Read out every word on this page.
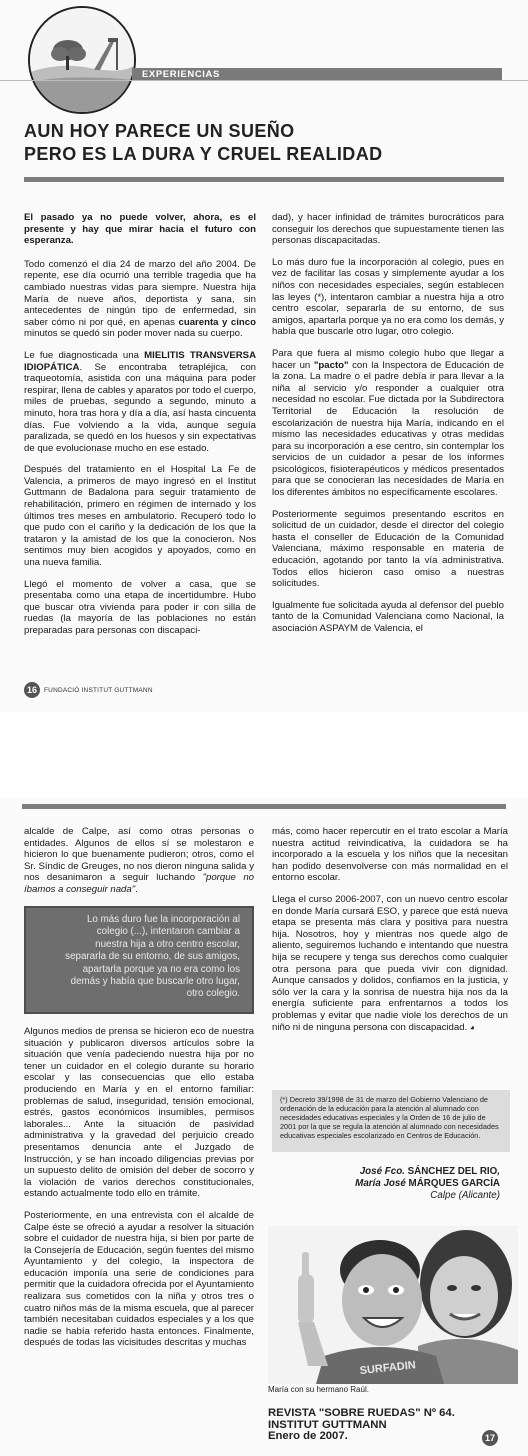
EXPERIENCIAS
AUN HOY PARECE UN SUEÑO
PERO ES LA DURA Y CRUEL REALIDAD

El pasado ya no puede volver, ahora, es el presente y hay que mirar hacia el futuro con esperanza.

Todo comenzó el día 24 de marzo del año 2004. De repente, ese día ocurrió una terrible tragedia que ha cambiado nuestras vidas para siempre. Nuestra hija María de nueve años, deportista y sana, sin antecedentes de ningún tipo de enfermedad, sin saber cómo ni por qué, en apenas cuarenta y cinco minutos se quedó sin poder mover nada su cuerpo.

Le fue diagnosticada una MIELITIS TRANSVERSA IDIOPÁTICA. Se encontraba tetrapléjica, con traqueotomía, asistida con una máquina para poder respirar, llena de cables y aparatos por todo el cuerpo, miles de pruebas, segundo a segundo, minuto a minuto, hora tras hora y día a día, así hasta cincuenta días. Fue volviendo a la vida, aunque seguía paralizada, se quedó en los huesos y sin expectativas de que evolucionase mucho en ese estado.

Después del tratamiento en el Hospital La Fe de Valencia, a primeros de mayo ingresó en el Institut Guttmann de Badalona para seguir tratamiento de rehabilitación, primero en régimen de internado y los últimos tres meses en ambulatorio. Recuperó todo lo que pudo con el cariño y la dedicación de los que la trataron y la amistad de los que la conocieron. Nos sentimos muy bien acogidos y apoyados, como en una nueva familia.

Llegó el momento de volver a casa, que se presentaba como una etapa de incertidumbre. Hubo que buscar otra vivienda para poder ir con silla de ruedas (la mayoría de las poblaciones no están preparadas para personas con discapaci-

dad), y hacer infinidad de trámites burocráticos para conseguir los derechos que supuestamente tienen las personas discapacitadas.

Lo más duro fue la incorporación al colegio, pues en vez de facilitar las cosas y simplemente ayudar a los niños con necesidades especiales, según establecen las leyes (*), intentaron cambiar a nuestra hija a otro centro escolar, separarla de su entorno, de sus amigos, apartarla porque ya no era como los demás, y había que buscarle otro lugar, otro colegio.

Para que fuera al mismo colegio hubo que llegar a hacer un "pacto" con la Inspectora de Educación de la zona. La madre o el padre debía ir para llevar a la niña al servicio y/o responder a cualquier otra necesidad no escolar. Fue dictada por la Subdirectora Territorial de Educación la resolución de escolarización de nuestra hija María, indicando en el mismo las necesidades educativas y otras medidas para su incorporación a ese centro, sin contemplar los servicios de un cuidador a pesar de los informes psicológicos, fisioterapéuticos y médicos presentados para que se conocieran las necesidades de María en los diferentes ámbitos no específicamente escolares.

Posteriormente seguimos presentando escritos en solicitud de un cuidador, desde el director del colegio hasta el conseller de Educación de la Comunidad Valenciana, máximo responsable en materia de educación, agotando por tanto la vía administrativa. Todos ellos hicieron caso omiso a nuestras solicitudes.

Igualmente fue solicitada ayuda al defensor del pueblo tanto de la Comunidad Valenciana como Nacional, la asociación ASPAYM de Valencia, el

16	FUNDACIÓ INSTITUT GUTTMANN

alcalde de Calpe, así como otras personas o entidades. Algunos de ellos sí se molestaron e hicieron lo que buenamente pudieron; otros, como el Sr. Síndic de Greuges, no nos dieron ninguna salida y nos desanimaron a seguir luchando "porque no íbamos a conseguir nada".

Lo más duro fue la incorporación al
colegio (...), intentaron cambiar a
nuestra hija a otro centro escolar,
separarla de su entorno, de sus amigos,
apartarla porque ya no era como los
demás y había que buscarle otro lugar,
otro colegio.

Algunos medios de prensa se hicieron eco de nuestra situación y publicaron diversos artículos sobre la situación que venía padeciendo nuestra hija por no tener un cuidador en el colegio durante su horario escolar y las consecuencias que ello estaba produciendo en María y en el entorno familiar: problemas de salud, inseguridad, tensión emocional, estrés, gastos económicos insumibles, permisos laborales... Ante la situación de pasividad administrativa y la gravedad del perjuicio creado presentamos denuncia ante el Juzgado de Instrucción, y se han incoado diligencias previas por un supuesto delito de omisión del deber de socorro y la violación de varios derechos constitucionales, estando actualmente todo ello en trámite.

Posteriormente, en una entrevista con el alcalde de Calpe éste se ofreció a ayudar a resolver la situación sobre el cuidador de nuestra hija, si bien por parte de la Consejería de Educación, según fuentes del mismo Ayuntamiento y del colegio, la inspectora de educación imponía una serie de condiciones para permitir que la cuidadora ofrecida por el Ayuntamiento realizara sus cometidos con la niña y otros tres o cuatro niños más de la misma escuela, que al parecer también necesitaban cuidados especiales y a los que nadie se había referido hasta entonces. Finalmente, después de todas las vicisitudes descritas y muchas

más, como hacer repercutir en el trato escolar a María nuestra actitud reivindicativa, la cuidadora se ha incorporado a la escuela y los niños que la necesitan han podido desenvolverse con más normalidad en el entorno escolar.

Llega el curso 2006-2007, con un nuevo centro escolar en donde María cursará ESO, y parece que está nueva etapa se presenta más clara y positiva para nuestra hija. Nosotros, hoy y mientras nos quede algo de aliento, seguiremos luchando e intentando que nuestra hija se recupere y tenga sus derechos como cualquier otra persona para que pueda vivir con dignidad. Aunque cansados y dolidos, confiamos en la justicia, y sólo ver la cara y la sonrisa de nuestra hija nos da la energía suficiente para enfrentarnos a todos los problemas y evitar que nadie viole los derechos de un niño ni de ninguna persona con discapacidad. ◕

(*) Decreto 39/1998 de 31 de marzo del Gobierno Valenciano de ordenación de la educación para la atención al alumnado con necesidades educativas especiales y la Orden de 16 de julio de 2001 por la que se regula la atención al alumnado con necesidades educativas especiales escolarizado en Centros de Educación.
José Fco. SÁNCHEZ DEL RIO,
María José MÁRQUES GARCÍA
Calpe (Alicante)
SURFADIN
María con su hermano Raúl.
REVISTA "SOBRE RUEDAS" Nº 64.
INSTITUT GUTTMANN
Enero de 2007.	17
